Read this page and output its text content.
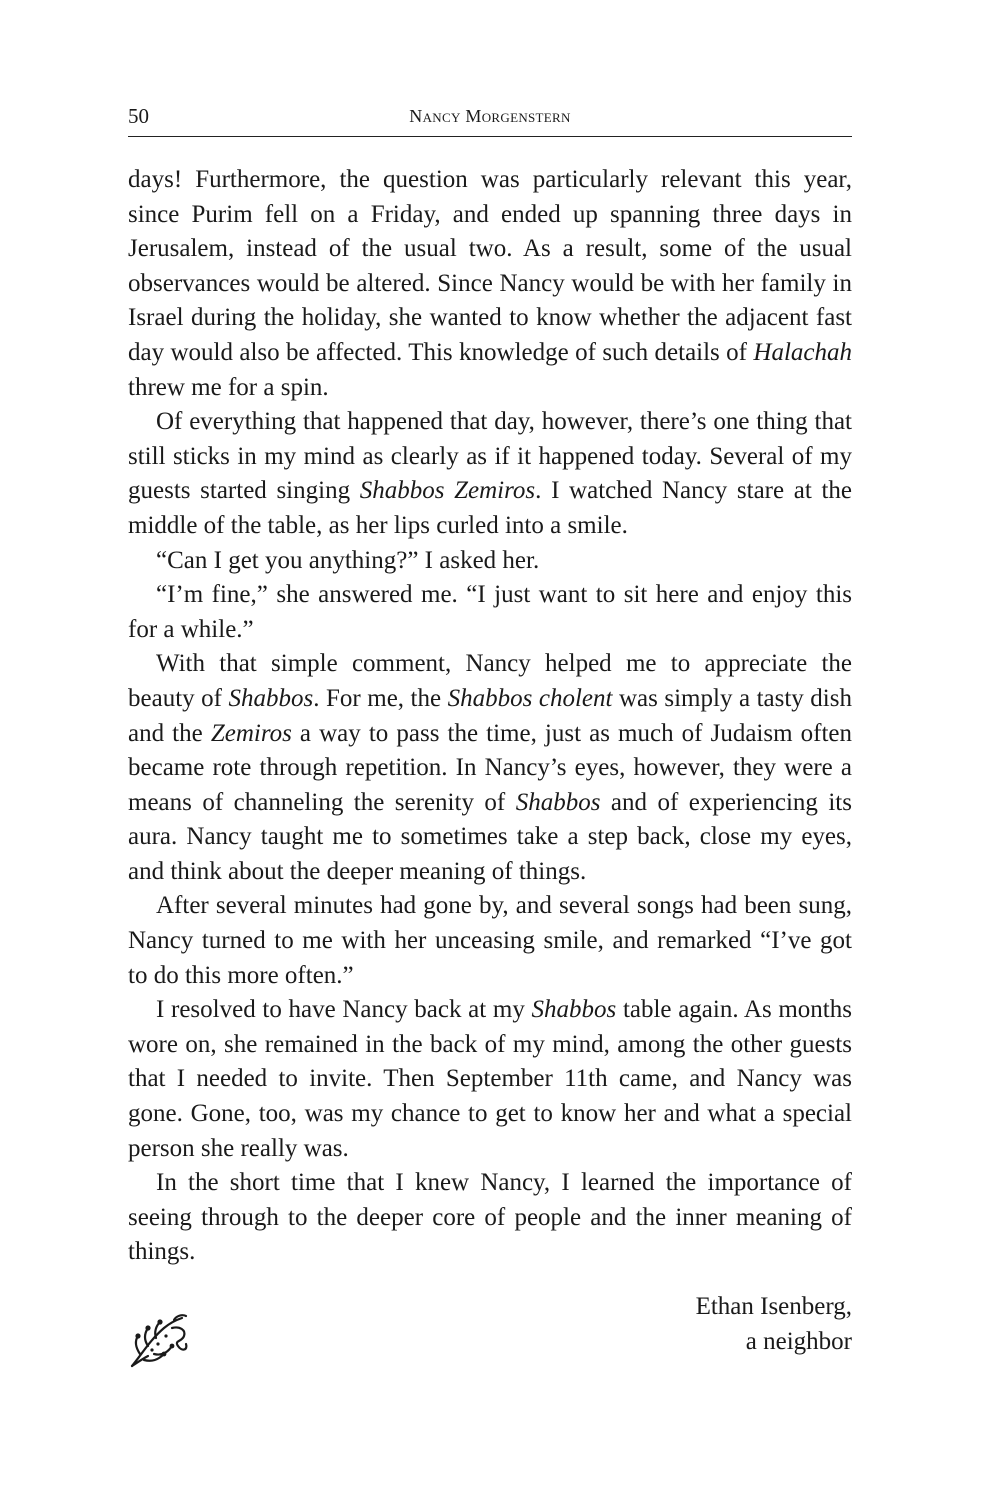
50	Nancy Morgenstern

days! Furthermore, the question was particularly relevant this year, since Purim fell on a Friday, and ended up spanning three days in Jerusalem, instead of the usual two. As a result, some of the usual observances would be altered. Since Nancy would be with her family in Israel during the holiday, she wanted to know whether the adjacent fast day would also be affected. This knowledge of such details of Halachah threw me for a spin.

Of everything that happened that day, however, there’s one thing that still sticks in my mind as clearly as if it happened today. Several of my guests started singing Shabbos Zemiros. I watched Nancy stare at the middle of the table, as her lips curled into a smile.

“Can I get you anything?” I asked her.

“I’m fine,” she answered me. “I just want to sit here and enjoy this for a while.”

With that simple comment, Nancy helped me to appreciate the beauty of Shabbos. For me, the Shabbos cholent was simply a tasty dish and the Zemiros a way to pass the time, just as much of Judaism often became rote through repetition. In Nancy’s eyes, however, they were a means of channeling the serenity of Shabbos and of experiencing its aura. Nancy taught me to sometimes take a step back, close my eyes, and think about the deeper meaning of things.

After several minutes had gone by, and several songs had been sung, Nancy turned to me with her unceasing smile, and remarked “I’ve got to do this more often.”

I resolved to have Nancy back at my Shabbos table again. As months wore on, she remained in the back of my mind, among the other guests that I needed to invite. Then September 11th came, and Nancy was gone. Gone, too, was my chance to get to know her and what a special person she really was.

In the short time that I knew Nancy, I learned the importance of seeing through to the deeper core of people and the inner meaning of things.

Ethan Isenberg,
a neighbor
